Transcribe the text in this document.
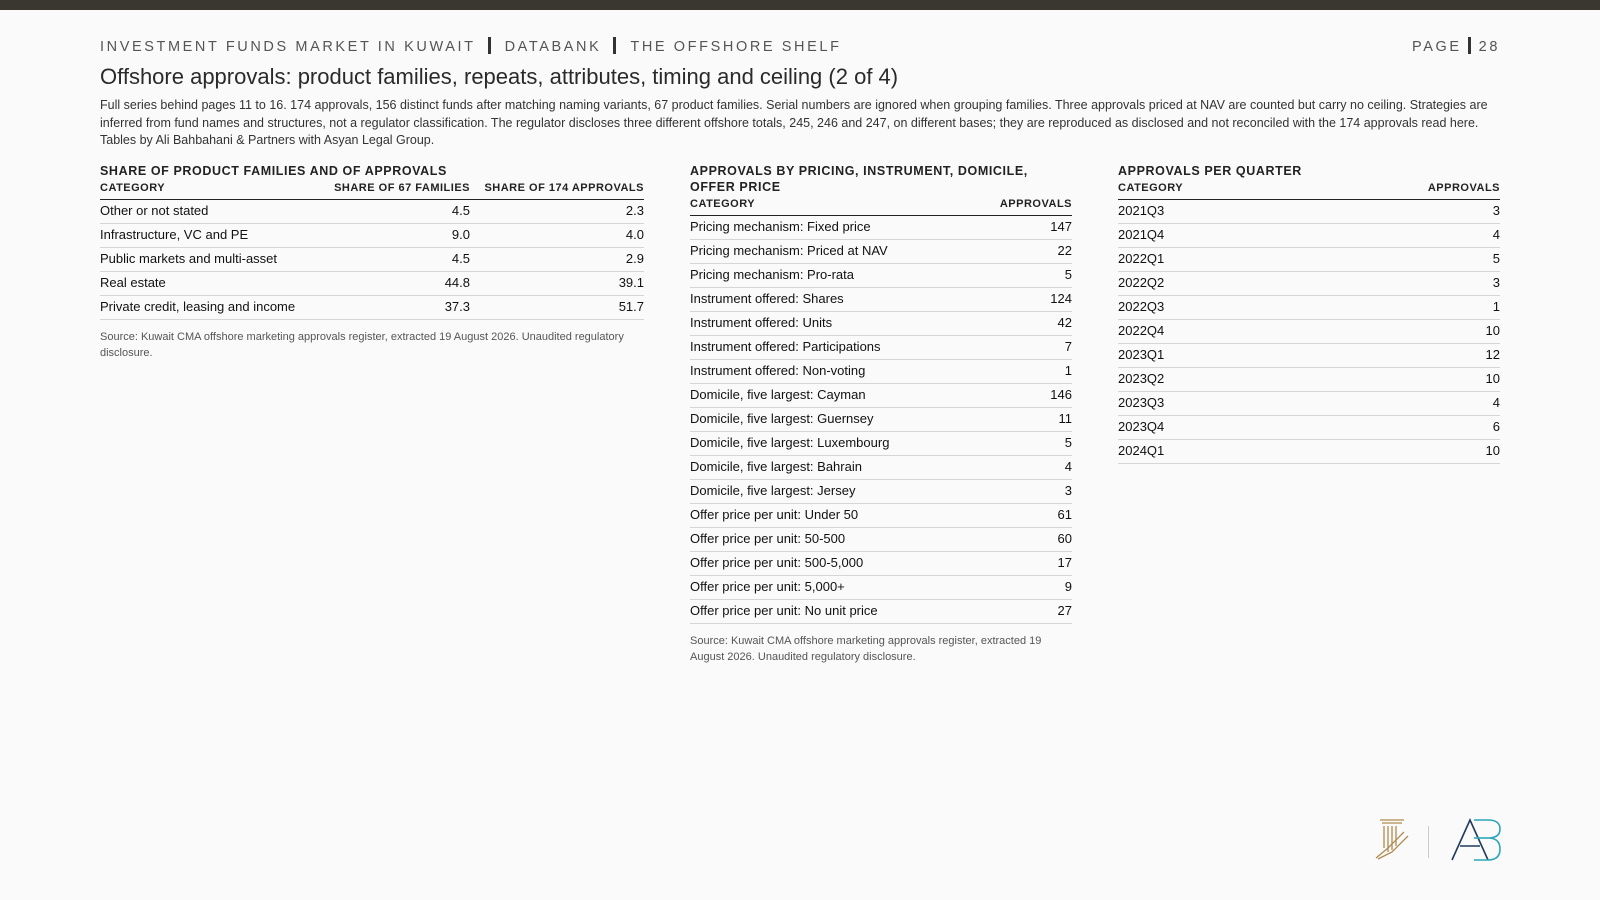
INVESTMENT FUNDS MARKET IN KUWAIT DATABANK THE OFFSHORE SHELF	PAGE 28
Offshore approvals: product families, repeats, attributes, timing and ceiling (2 of 4)
Full series behind pages 11 to 16. 174 approvals, 156 distinct funds after matching naming variants, 67 product families. Serial numbers are ignored when grouping families. Three approvals priced at NAV are counted but carry no ceiling. Strategies are inferred from fund names and structures, not a regulator classification. The regulator discloses three different offshore totals, 245, 246 and 247, on different bases; they are reproduced as disclosed and not reconciled with the 174 approvals read here. Tables by Ali Bahbahani & Partners with Asyan Legal Group.
SHARE OF PRODUCT FAMILIES AND OF APPROVALS
CATEGORY	SHARE OF 67 FAMILIES	SHARE OF 174 APPROVALS
Other or not stated	4.5	2.3
Infrastructure, VC and PE	9.0	4.0
Public markets and multi-asset	4.5	2.9
Real estate	44.8	39.1
Private credit, leasing and income	37.3	51.7
Source: Kuwait CMA offshore marketing approvals register, extracted 19 August 2026. Unaudited regulatory disclosure.
APPROVALS BY PRICING, INSTRUMENT, DOMICILE, OFFER PRICE
CATEGORY	APPROVALS
Pricing mechanism: Fixed price	147
Pricing mechanism: Priced at NAV	22
Pricing mechanism: Pro-rata	5
Instrument offered: Shares	124
Instrument offered: Units	42
Instrument offered: Participations	7
Instrument offered: Non-voting	1
Domicile, five largest: Cayman	146
Domicile, five largest: Guernsey	11
Domicile, five largest: Luxembourg	5
Domicile, five largest: Bahrain	4
Domicile, five largest: Jersey	3
Offer price per unit: Under 50	61
Offer price per unit: 50-500	60
Offer price per unit: 500-5,000	17
Offer price per unit: 5,000+	9
Offer price per unit: No unit price	27
Source: Kuwait CMA offshore marketing approvals register, extracted 19 August 2026. Unaudited regulatory disclosure.
APPROVALS PER QUARTER
CATEGORY	APPROVALS
2021Q3	3
2021Q4	4
2022Q1	5
2022Q2	3
2022Q3	1
2022Q4	10
2023Q1	12
2023Q2	10
2023Q3	4
2023Q4	6
2024Q1	10
